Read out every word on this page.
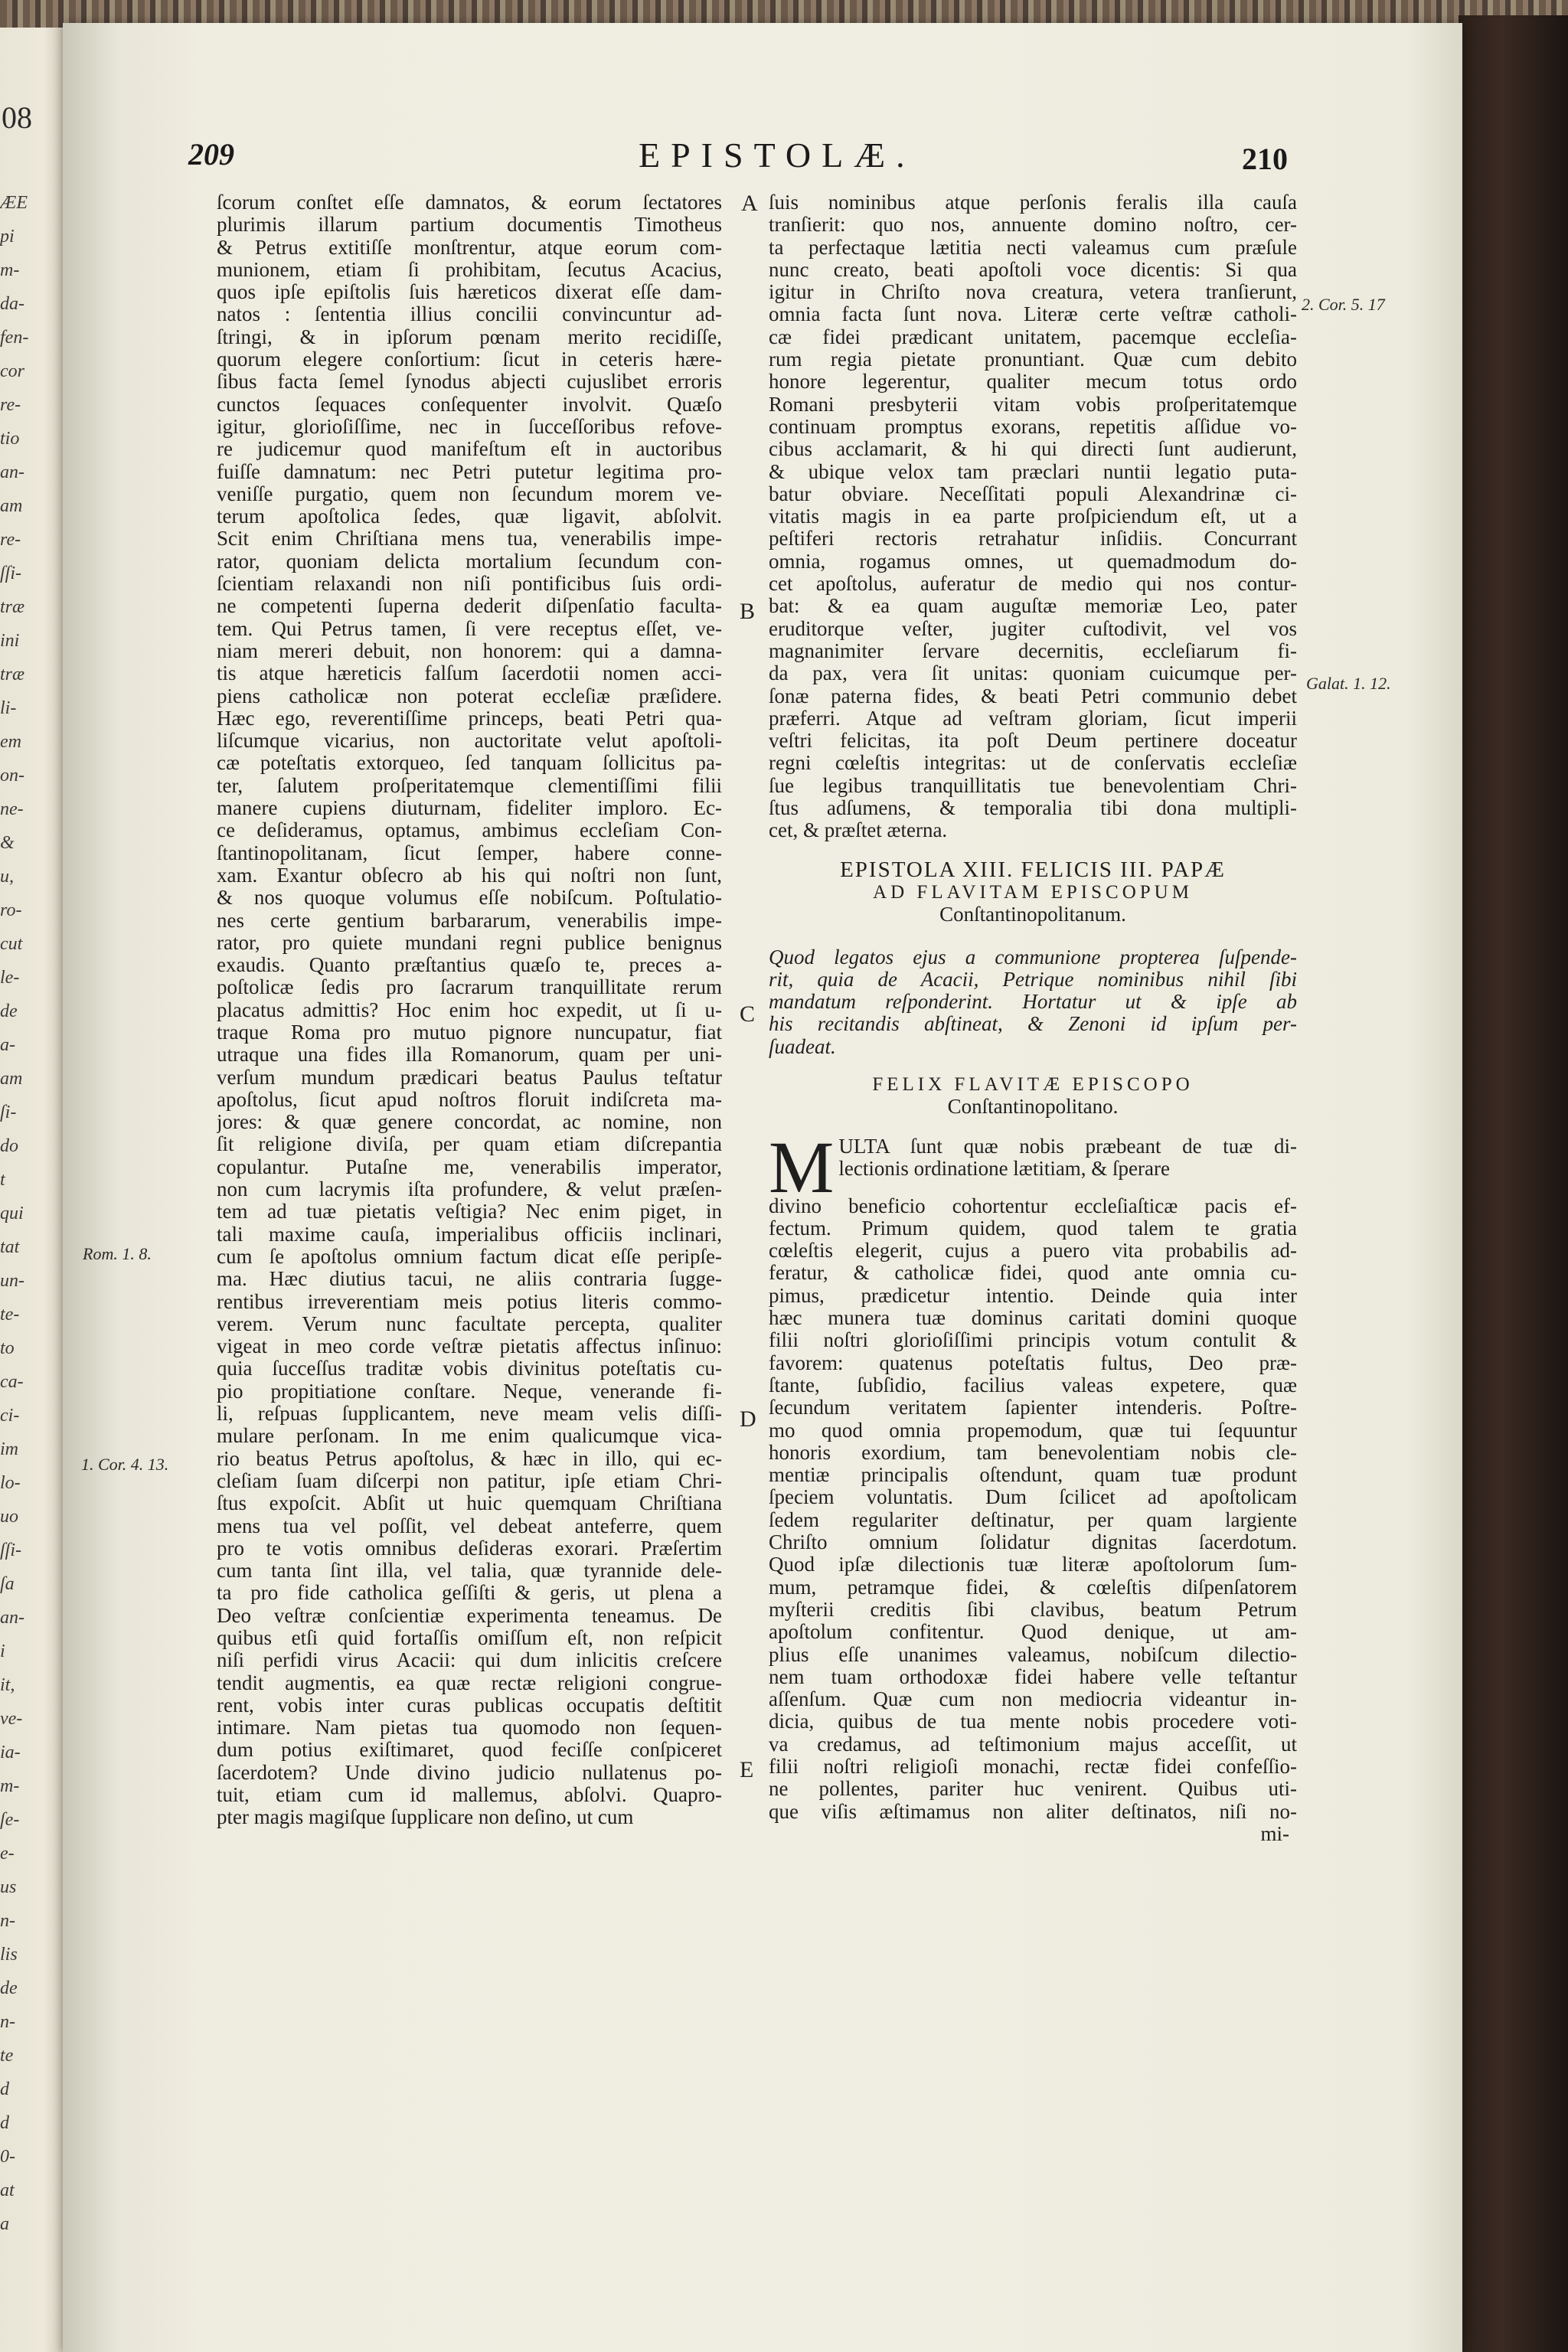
08
ÆE
pi
m-
da-
fen-
cor
re-
tio
an-
am
re-
ſſi-
træ
ini
træ
li-
em
on-
ne-
&
u,
ro-
cut
le-
de
a-
am
ſi-
do
t
qui
tat
un-
te-
to
ca-
ci-
im
lo-
uo
ſſi-
ſa
an-
i
it,
ve-
ia-
m-
ſe-
e-
us
n-
lis
de
n-
te
d
d
0-
at
a
209	EPISTOLÆ.	210
ſcorum conſtet eſſe damnatos, & eorum ſectatores
plurimis illarum partium documentis Timotheus
& Petrus extitiſſe monſtrentur, atque eorum com-
munionem, etiam ſi prohibitam, ſecutus Acacius,
quos ipſe epiſtolis ſuis hæreticos dixerat eſſe dam-
natos : ſententia illius concilii convincuntur ad-
ſtringi, & in ipſorum pœnam merito recidiſſe,
quorum elegere conſortium: ſicut in ceteris hære-
ſibus facta ſemel ſynodus abjecti cujuslibet erroris
cunctos ſequaces conſequenter involvit. Quæſo
igitur, glorioſiſſime, nec in ſucceſſoribus refove-
re judicemur quod manifeſtum eſt in auctoribus
fuiſſe damnatum: nec Petri putetur legitima pro-
veniſſe purgatio, quem non ſecundum morem ve-
terum apoſtolica ſedes, quæ ligavit, abſolvit.
Scit enim Chriſtiana mens tua, venerabilis impe-
rator, quoniam delicta mortalium ſecundum con-
ſcientiam relaxandi non niſi pontificibus ſuis ordi-
ne competenti ſuperna dederit diſpenſatio faculta-
tem. Qui Petrus tamen, ſi vere receptus eſſet, ve-
niam mereri debuit, non honorem: qui a damna-
tis atque hæreticis falſum ſacerdotii nomen acci-
piens catholicæ non poterat eccleſiæ præſidere.
Hæc ego, reverentiſſime princeps, beati Petri qua-
liſcumque vicarius, non auctoritate velut apoſtoli-
cæ poteſtatis extorqueo, ſed tanquam ſollicitus pa-
ter, ſalutem proſperitatemque clementiſſimi filii
manere cupiens diuturnam, fideliter imploro. Ec-
ce deſideramus, optamus, ambimus eccleſiam Con-
ſtantinopolitanam, ſicut ſemper, habere conne-
xam. Exantur obſecro ab his qui noſtri non ſunt,
& nos quoque volumus eſſe nobiſcum. Poſtulatio-
nes certe gentium barbararum, venerabilis impe-
rator, pro quiete mundani regni publice benignus
exaudis. Quanto præſtantius quæſo te, preces a-
poſtolicæ ſedis pro ſacrarum tranquillitate rerum
placatus admittis? Hoc enim hoc expedit, ut ſi u-
traque Roma pro mutuo pignore nuncupatur, fiat
utraque una fides illa Romanorum, quam per uni-
verſum mundum prædicari beatus Paulus teſtatur
apoſtolus, ſicut apud noſtros floruit indiſcreta ma-
jores: & quæ genere concordat, ac nomine, non
ſit religione diviſa, per quam etiam diſcrepantia
copulantur. Putaſne me, venerabilis imperator,
non cum lacrymis iſta profundere, & velut præſen-
tem ad tuæ pietatis veſtigia? Nec enim piget, in
tali maxime cauſa, imperialibus officiis inclinari,
cum ſe apoſtolus omnium factum dicat eſſe peripſe-
ma. Hæc diutius tacui, ne aliis contraria ſugge-
rentibus irreverentiam meis potius literis commo-
verem. Verum nunc facultate percepta, qualiter
vigeat in meo corde veſtræ pietatis affectus inſinuo:
quia ſucceſſus traditæ vobis divinitus poteſtatis cu-
pio propitiatione conſtare. Neque, venerande fi-
li, reſpuas ſupplicantem, neve meam velis diſſi-
mulare perſonam. In me enim qualicumque vica-
rio beatus Petrus apoſtolus, & hæc in illo, qui ec-
cleſiam ſuam diſcerpi non patitur, ipſe etiam Chri-
ſtus expoſcit. Abſit ut huic quemquam Chriſtiana
mens tua vel poſſit, vel debeat anteferre, quem
pro te votis omnibus deſideras exorari. Præſertim
cum tanta ſint illa, vel talia, quæ tyrannide dele-
ta pro fide catholica geſſiſti & geris, ut plena a
Deo veſtræ conſcientiæ experimenta teneamus. De
quibus etſi quid fortaſſis omiſſum eſt, non reſpicit
niſi perfidi virus Acacii: qui dum inlicitis creſcere
tendit augmentis, ea quæ rectæ religioni congrue-
rent, vobis inter curas publicas occupatis deſtitit
intimare. Nam pietas tua quomodo non ſequen-
dum potius exiſtimaret, quod feciſſe conſpiceret
ſacerdotem? Unde divino judicio nullatenus po-
tuit, etiam cum id mallemus, abſolvi. Quapro-
pter magis magiſque ſupplicare non deſino, ut cum
ſuis nominibus atque perſonis feralis illa cauſa
tranſierit: quo nos, annuente domino noſtro, cer-
ta perfectaque lætitia necti valeamus cum præſule
nunc creato, beati apoſtoli voce dicentis: Si qua
igitur in Chriſto nova creatura, vetera tranſierunt,
omnia facta ſunt nova. Literæ certe veſtræ catholi-
cæ fidei prædicant unitatem, pacemque eccleſia-
rum regia pietate pronuntiant. Quæ cum debito
honore legerentur, qualiter mecum totus ordo
Romani presbyterii vitam vobis proſperitatemque
continuam promptus exorans, repetitis aſſidue vo-
cibus acclamarit, & hi qui directi ſunt audierunt,
& ubique velox tam præclari nuntii legatio puta-
batur obviare. Neceſſitati populi Alexandrinæ ci-
vitatis magis in ea parte proſpiciendum eſt, ut a
peſtiferi rectoris retrahatur inſidiis. Concurrant
omnia, rogamus omnes, ut quemadmodum do-
cet apoſtolus, auferatur de medio qui nos contur-
bat: & ea quam auguſtæ memoriæ Leo, pater
eruditorque veſter, jugiter cuſtodivit, vel vos
magnanimiter ſervare decernitis, eccleſiarum fi-
da pax, vera ſit unitas: quoniam cuicumque per-
ſonæ paterna fides, & beati Petri communio debet
præferri. Atque ad veſtram gloriam, ſicut imperii
veſtri felicitas, ita poſt Deum pertinere doceatur
regni cœleſtis integritas: ut de conſervatis eccleſiæ
ſue legibus tranquillitatis tue benevolentiam Chri-
ſtus adſumens, & temporalia tibi dona multipli-
cet, & præſtet æterna.
EPISTOLA XIII. FELICIS III. PAPÆ
AD FLAVITAM EPISCOPUM
Conſtantinopolitanum.
Quod legatos ejus a communione propterea ſuſpende-
rit, quia de Acacii, Petrique nominibus nihil ſibi
mandatum reſponderint. Hortatur ut & ipſe ab
his recitandis abſtineat, & Zenoni id ipſum per-
ſuadeat.
FELIX FLAVITÆ EPISCOPO
Conſtantinopolitano.
M ULTA ſunt quæ nobis præbeant de tuæ di-
lectionis ordinatione lætitiam, & ſperare
divino beneficio cohortentur eccleſiaſticæ pacis ef-
fectum. Primum quidem, quod talem te gratia
cœleſtis elegerit, cujus a puero vita probabilis ad-
feratur, & catholicæ fidei, quod ante omnia cu-
pimus, prædicetur intentio. Deinde quia inter
hæc munera tuæ dominus caritati domini quoque
filii noſtri glorioſiſſimi principis votum contulit &
favorem: quatenus poteſtatis fultus, Deo præ-
ſtante, ſubſidio, facilius valeas expetere, quæ
ſecundum veritatem ſapienter intenderis. Poſtre-
mo quod omnia propemodum, quæ tui ſequuntur
honoris exordium, tam benevolentiam nobis cle-
mentiæ principalis oſtendunt, quam tuæ produnt
ſpeciem voluntatis. Dum ſcilicet ad apoſtolicam
ſedem regulariter deſtinatur, per quam largiente
Chriſto omnium ſolidatur dignitas ſacerdotum.
Quod ipſæ dilectionis tuæ literæ apoſtolorum ſum-
mum, petramque fidei, & cœleſtis diſpenſatorem
myſterii creditis ſibi clavibus, beatum Petrum
apoſtolum confitentur. Quod denique, ut am-
plius eſſe unanimes valeamus, nobiſcum dilectio-
nem tuam orthodoxæ fidei habere velle teſtantur
aſſenſum. Quæ cum non mediocria videantur in-
dicia, quibus de tua mente nobis procedere voti-
va credamus, ad teſtimonium majus acceſſit, ut
filii noſtri religioſi monachi, rectæ fidei confeſſio-
ne pollentes, pariter huc venirent. Quibus uti-
que viſis æſtimamus non aliter deſtinatos, niſi no-
mi-
A
B
C
D
E
2. Cor. 5. 17
Galat. 1. 12.
Rom. 1. 8.
1. Cor. 4. 13.
